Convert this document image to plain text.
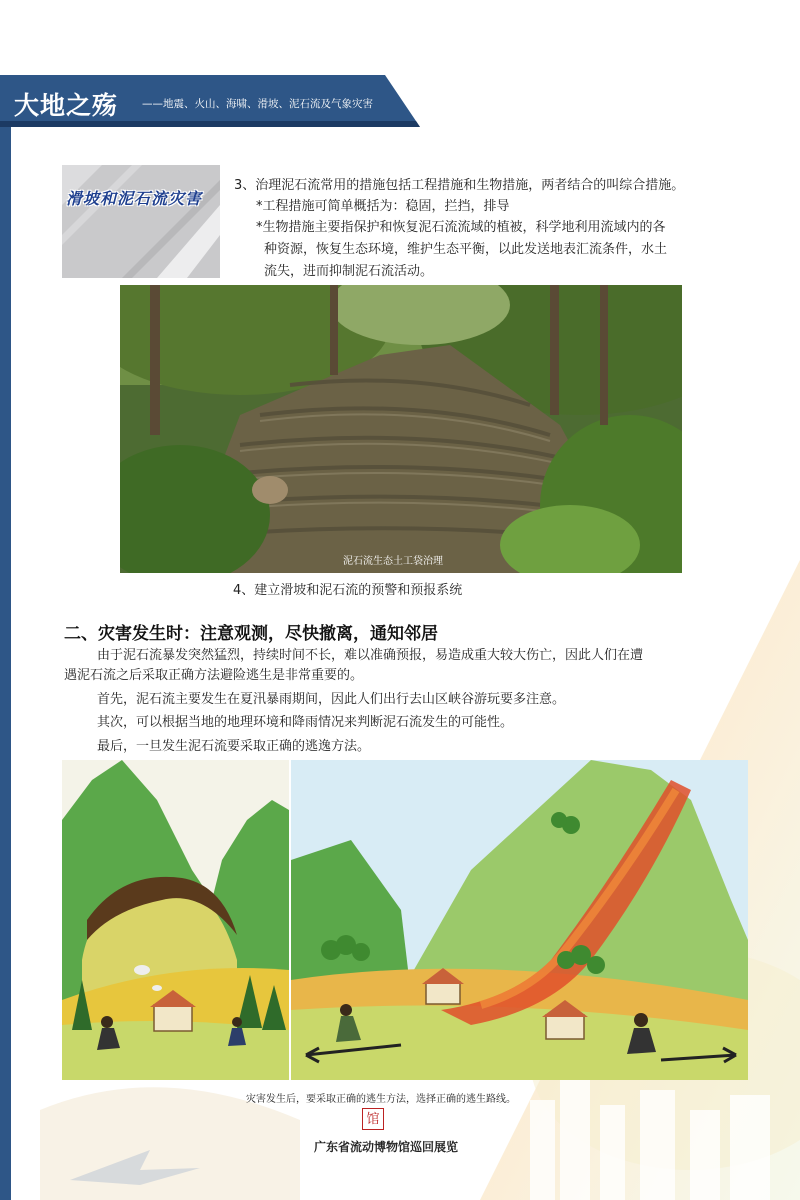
大地之殇 ——地震、火山、海啸、滑坡、泥石流及气象灾害
滑坡和泥石流灾害
3、治理泥石流常用的措施包括工程措施和生物措施，两者结合的叫综合措施。
*工程措施可简单概括为：稳固，拦挡，排导
*生物措施主要指保护和恢复泥石流流域的植被，科学地利用流域内的各
种资源，恢复生态环境，维护生态平衡，以此发送地表汇流条件，水土
流失，进而抑制泥石流活动。
泥石流生态土工袋治理
4、建立滑坡和泥石流的预警和预报系统
二、灾害发生时：注意观测，尽快撤离，通知邻居
由于泥石流暴发突然猛烈，持续时间不长，难以准确预报，易造成重大较大伤亡，因此人们在遭
遇泥石流之后采取正确方法避险逃生是非常重要的。
首先，泥石流主要发生在夏汛暴雨期间，因此人们出行去山区峡谷游玩要多注意。
其次，可以根据当地的地理环境和降雨情况来判断泥石流发生的可能性。
最后，一旦发生泥石流要采取正确的逃逸方法。
灾害发生后，要采取正确的逃生方法，选择正确的逃生路线。
馆
广东省流动博物馆巡回展览
